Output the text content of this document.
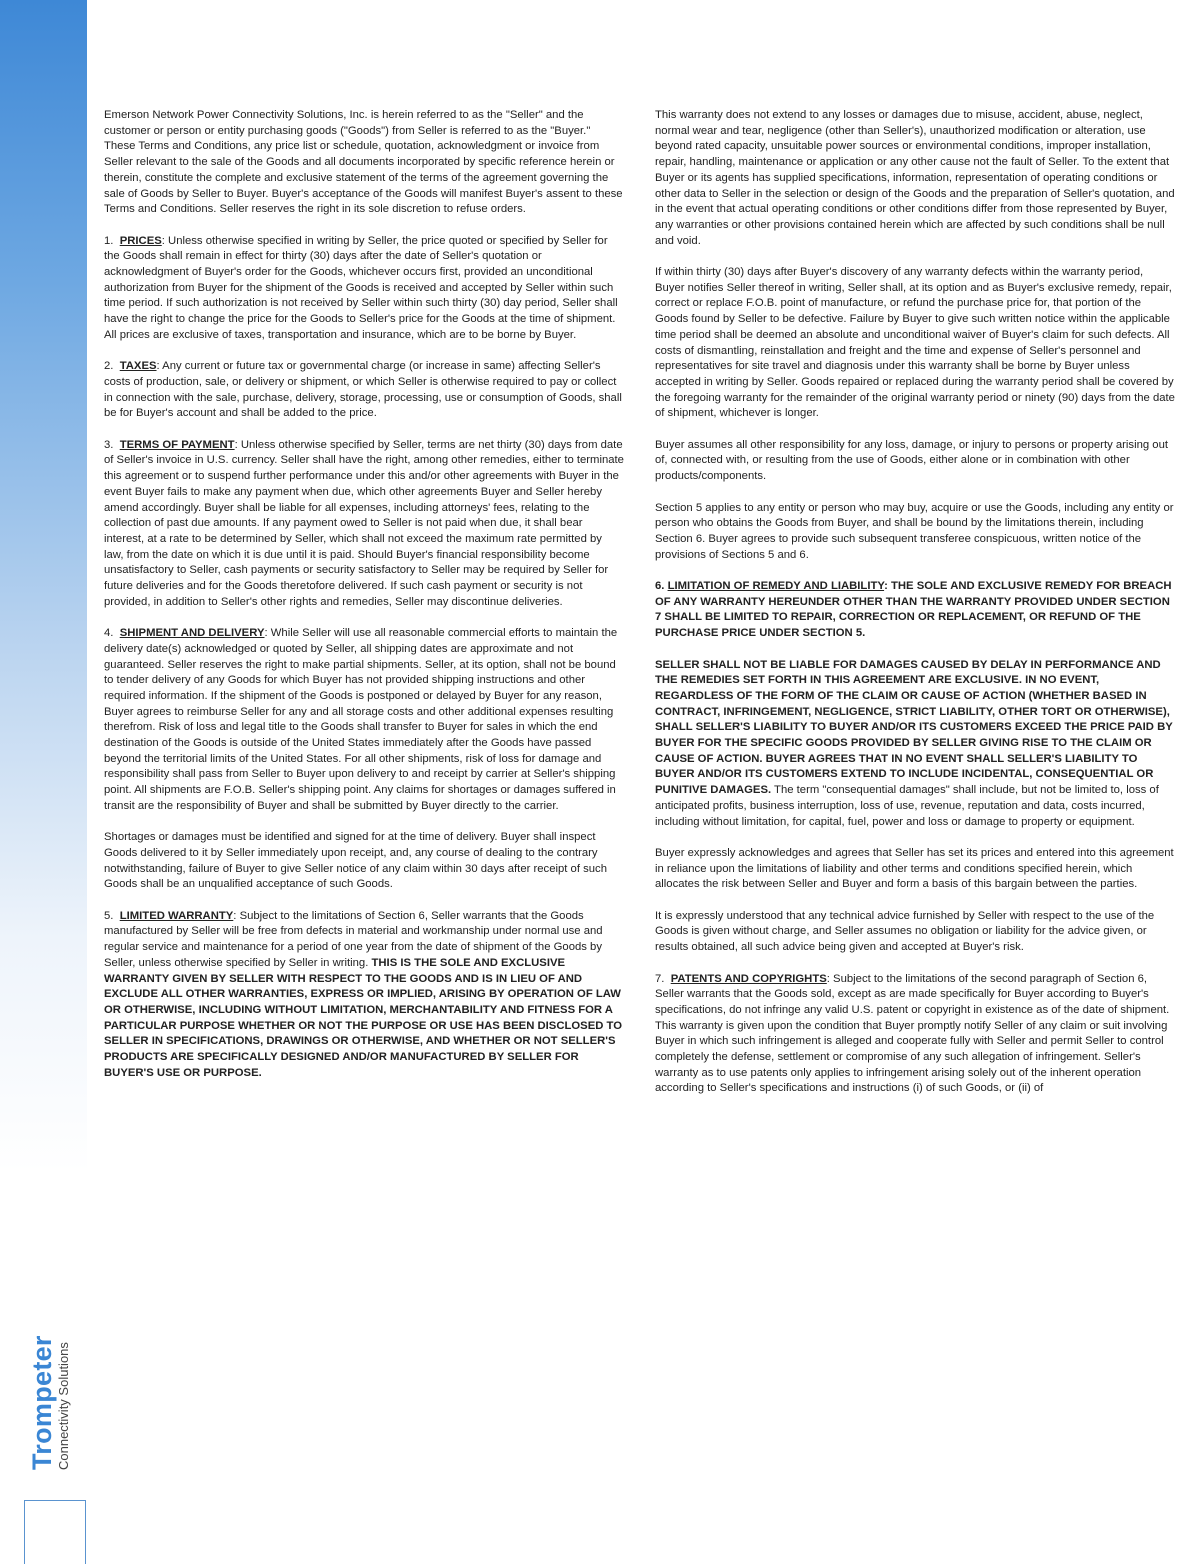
Trompeter Connectivity Solutions

Emerson Network Power Connectivity Solutions, Inc. is herein referred to as the "Seller" and the customer or person or entity purchasing goods ("Goods") from Seller is referred to as the "Buyer." These Terms and Conditions, any price list or schedule, quotation, acknowledgment or invoice from Seller relevant to the sale of the Goods and all documents incorporated by specific reference herein or therein, constitute the complete and exclusive statement of the terms of the agreement governing the sale of Goods by Seller to Buyer. Buyer's acceptance of the Goods will manifest Buyer's assent to these Terms and Conditions. Seller reserves the right in its sole discretion to refuse orders.

1. PRICES: Unless otherwise specified in writing by Seller, the price quoted or specified by Seller for the Goods shall remain in effect for thirty (30) days after the date of Seller's quotation or acknowledgment of Buyer's order for the Goods, whichever occurs first, provided an unconditional authorization from Buyer for the shipment of the Goods is received and accepted by Seller within such time period. If such authorization is not received by Seller within such thirty (30) day period, Seller shall have the right to change the price for the Goods to Seller's price for the Goods at the time of shipment. All prices are exclusive of taxes, transportation and insurance, which are to be borne by Buyer.

2. TAXES: Any current or future tax or governmental charge (or increase in same) affecting Seller's costs of production, sale, or delivery or shipment, or which Seller is otherwise required to pay or collect in connection with the sale, purchase, delivery, storage, processing, use or consumption of Goods, shall be for Buyer's account and shall be added to the price.

3. TERMS OF PAYMENT: Unless otherwise specified by Seller, terms are net thirty (30) days from date of Seller's invoice in U.S. currency. Seller shall have the right, among other remedies, either to terminate this agreement or to suspend further performance under this and/or other agreements with Buyer in the event Buyer fails to make any payment when due, which other agreements Buyer and Seller hereby amend accordingly. Buyer shall be liable for all expenses, including attorneys' fees, relating to the collection of past due amounts. If any payment owed to Seller is not paid when due, it shall bear interest, at a rate to be determined by Seller, which shall not exceed the maximum rate permitted by law, from the date on which it is due until it is paid. Should Buyer's financial responsibility become unsatisfactory to Seller, cash payments or security satisfactory to Seller may be required by Seller for future deliveries and for the Goods theretofore delivered. If such cash payment or security is not provided, in addition to Seller's other rights and remedies, Seller may discontinue deliveries.

4. SHIPMENT AND DELIVERY: While Seller will use all reasonable commercial efforts to maintain the delivery date(s) acknowledged or quoted by Seller, all shipping dates are approximate and not guaranteed. Seller reserves the right to make partial shipments. Seller, at its option, shall not be bound to tender delivery of any Goods for which Buyer has not provided shipping instructions and other required information. If the shipment of the Goods is postponed or delayed by Buyer for any reason, Buyer agrees to reimburse Seller for any and all storage costs and other additional expenses resulting therefrom. Risk of loss and legal title to the Goods shall transfer to Buyer for sales in which the end destination of the Goods is outside of the United States immediately after the Goods have passed beyond the territorial limits of the United States. For all other shipments, risk of loss for damage and responsibility shall pass from Seller to Buyer upon delivery to and receipt by carrier at Seller's shipping point. All shipments are F.O.B. Seller's shipping point. Any claims for shortages or damages suffered in transit are the responsibility of Buyer and shall be submitted by Buyer directly to the carrier.

Shortages or damages must be identified and signed for at the time of delivery. Buyer shall inspect Goods delivered to it by Seller immediately upon receipt, and, any course of dealing to the contrary notwithstanding, failure of Buyer to give Seller notice of any claim within 30 days after receipt of such Goods shall be an unqualified acceptance of such Goods.

5. LIMITED WARRANTY: Subject to the limitations of Section 6, Seller warrants that the Goods manufactured by Seller will be free from defects in material and workmanship under normal use and regular service and maintenance for a period of one year from the date of shipment of the Goods by Seller, unless otherwise specified by Seller in writing. THIS IS THE SOLE AND EXCLUSIVE WARRANTY GIVEN BY SELLER WITH RESPECT TO THE GOODS AND IS IN LIEU OF AND EXCLUDE ALL OTHER WARRANTIES, EXPRESS OR IMPLIED, ARISING BY OPERATION OF LAW OR OTHERWISE, INCLUDING WITHOUT LIMITATION, MERCHANTABILITY AND FITNESS FOR A PARTICULAR PURPOSE WHETHER OR NOT THE PURPOSE OR USE HAS BEEN DISCLOSED TO SELLER IN SPECIFICATIONS, DRAWINGS OR OTHERWISE, AND WHETHER OR NOT SELLER'S PRODUCTS ARE SPECIFICALLY DESIGNED AND/OR MANUFACTURED BY SELLER FOR BUYER'S USE OR PURPOSE.

This warranty does not extend to any losses or damages due to misuse, accident, abuse, neglect, normal wear and tear, negligence (other than Seller's), unauthorized modification or alteration, use beyond rated capacity, unsuitable power sources or environmental conditions, improper installation, repair, handling, maintenance or application or any other cause not the fault of Seller. To the extent that Buyer or its agents has supplied specifications, information, representation of operating conditions or other data to Seller in the selection or design of the Goods and the preparation of Seller's quotation, and in the event that actual operating conditions or other conditions differ from those represented by Buyer, any warranties or other provisions contained herein which are affected by such conditions shall be null and void.

If within thirty (30) days after Buyer's discovery of any warranty defects within the warranty period, Buyer notifies Seller thereof in writing, Seller shall, at its option and as Buyer's exclusive remedy, repair, correct or replace F.O.B. point of manufacture, or refund the purchase price for, that portion of the Goods found by Seller to be defective. Failure by Buyer to give such written notice within the applicable time period shall be deemed an absolute and unconditional waiver of Buyer's claim for such defects. All costs of dismantling, reinstallation and freight and the time and expense of Seller's personnel and representatives for site travel and diagnosis under this warranty shall be borne by Buyer unless accepted in writing by Seller. Goods repaired or replaced during the warranty period shall be covered by the foregoing warranty for the remainder of the original warranty period or ninety (90) days from the date of shipment, whichever is longer.

Buyer assumes all other responsibility for any loss, damage, or injury to persons or property arising out of, connected with, or resulting from the use of Goods, either alone or in combination with other products/components.

Section 5 applies to any entity or person who may buy, acquire or use the Goods, including any entity or person who obtains the Goods from Buyer, and shall be bound by the limitations therein, including Section 6. Buyer agrees to provide such subsequent transferee conspicuous, written notice of the provisions of Sections 5 and 6.

6. LIMITATION OF REMEDY AND LIABILITY: THE SOLE AND EXCLUSIVE REMEDY FOR BREACH OF ANY WARRANTY HEREUNDER OTHER THAN THE WARRANTY PROVIDED UNDER SECTION 7 SHALL BE LIMITED TO REPAIR, CORRECTION OR REPLACEMENT, OR REFUND OF THE PURCHASE PRICE UNDER SECTION 5.

SELLER SHALL NOT BE LIABLE FOR DAMAGES CAUSED BY DELAY IN PERFORMANCE AND THE REMEDIES SET FORTH IN THIS AGREEMENT ARE EXCLUSIVE. IN NO EVENT, REGARDLESS OF THE FORM OF THE CLAIM OR CAUSE OF ACTION (WHETHER BASED IN CONTRACT, INFRINGEMENT, NEGLIGENCE, STRICT LIABILITY, OTHER TORT OR OTHERWISE), SHALL SELLER'S LIABILITY TO BUYER AND/OR ITS CUSTOMERS EXCEED THE PRICE PAID BY BUYER FOR THE SPECIFIC GOODS PROVIDED BY SELLER GIVING RISE TO THE CLAIM OR CAUSE OF ACTION. BUYER AGREES THAT IN NO EVENT SHALL SELLER'S LIABILITY TO BUYER AND/OR ITS CUSTOMERS EXTEND TO INCLUDE INCIDENTAL, CONSEQUENTIAL OR PUNITIVE DAMAGES. The term "consequential damages" shall include, but not be limited to, loss of anticipated profits, business interruption, loss of use, revenue, reputation and data, costs incurred, including without limitation, for capital, fuel, power and loss or damage to property or equipment.

Buyer expressly acknowledges and agrees that Seller has set its prices and entered into this agreement in reliance upon the limitations of liability and other terms and conditions specified herein, which allocates the risk between Seller and Buyer and form a basis of this bargain between the parties.

It is expressly understood that any technical advice furnished by Seller with respect to the use of the Goods is given without charge, and Seller assumes no obligation or liability for the advice given, or results obtained, all such advice being given and accepted at Buyer's risk.

7. PATENTS AND COPYRIGHTS: Subject to the limitations of the second paragraph of Section 6, Seller warrants that the Goods sold, except as are made specifically for Buyer according to Buyer's specifications, do not infringe any valid U.S. patent or copyright in existence as of the date of shipment. This warranty is given upon the condition that Buyer promptly notify Seller of any claim or suit involving Buyer in which such infringement is alleged and cooperate fully with Seller and permit Seller to control completely the defense, settlement or compromise of any such allegation of infringement. Seller's warranty as to use patents only applies to infringement arising solely out of the inherent operation according to Seller's specifications and instructions (i) of such Goods, or (ii) of
